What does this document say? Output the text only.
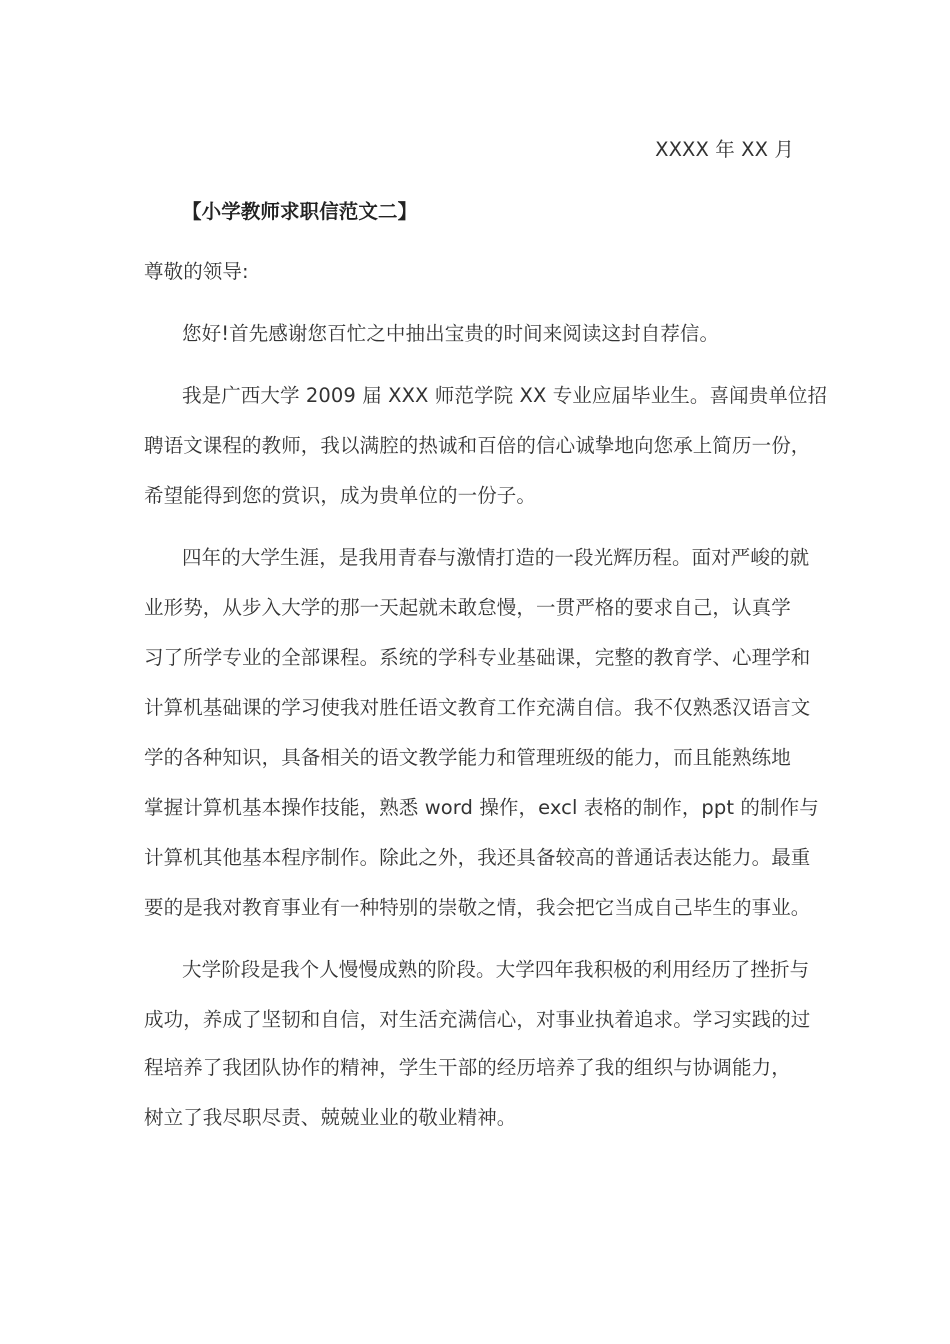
XXXX 年 XX 月
【小学教师求职信范文二】
尊敬的领导:
您好!首先感谢您百忙之中抽出宝贵的时间来阅读这封自荐信。
我是广西大学 2009 届 XXX 师范学院 XX 专业应届毕业生。喜闻贵单位招
聘语文课程的教师，我以满腔的热诚和百倍的信心诚挚地向您承上简历一份，
希望能得到您的赏识，成为贵单位的一份子。
四年的大学生涯，是我用青春与激情打造的一段光辉历程。面对严峻的就
业形势，从步入大学的那一天起就未敢怠慢，一贯严格的要求自己，认真学
习了所学专业的全部课程。系统的学科专业基础课，完整的教育学、心理学和
计算机基础课的学习使我对胜任语文教育工作充满自信。我不仅熟悉汉语言文
学的各种知识，具备相关的语文教学能力和管理班级的能力，而且能熟练地
掌握计算机基本操作技能，熟悉 word 操作，excl 表格的制作，ppt 的制作与
计算机其他基本程序制作。除此之外，我还具备较高的普通话表达能力。最重
要的是我对教育事业有一种特别的崇敬之情，我会把它当成自己毕生的事业。
大学阶段是我个人慢慢成熟的阶段。大学四年我积极的利用经历了挫折与
成功，养成了坚韧和自信，对生活充满信心，对事业执着追求。学习实践的过
程培养了我团队协作的精神，学生干部的经历培养了我的组织与协调能力，
树立了我尽职尽责、兢兢业业的敬业精神。
